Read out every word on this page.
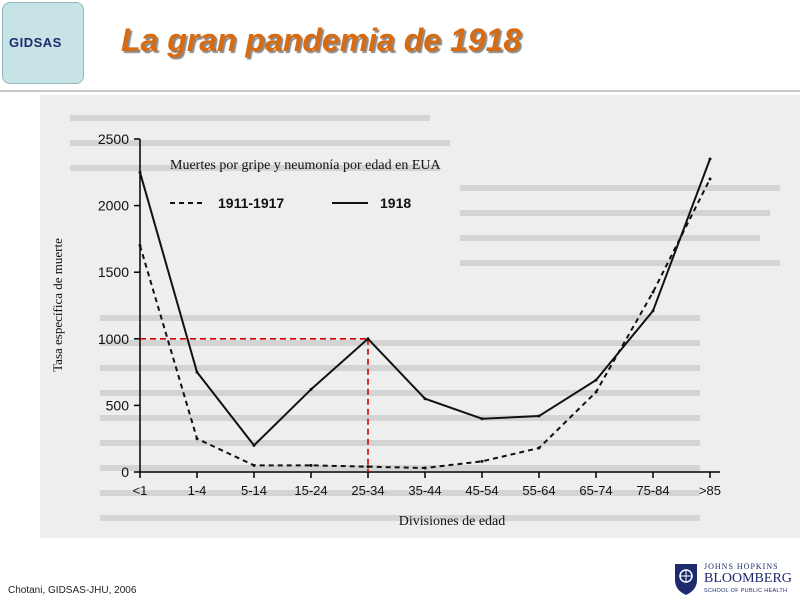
GIDSAS La gran pandemia de 1918
0
500
1000
1500
2000
2500
<1	1-4	5-14 15-24 25-34 35-44 45-54 55-64 65-74 75-84 >85
1911-1917	1918
Muertes por gripe y neumonía por edad en EUA
Tasa específica de muerte
Divisiones de edad
Chotani, GIDSAS-JHU, 2006
JOHNS HOPKINS
BLOOMBERG
SCHOOL OF PUBLIC HEALTH
